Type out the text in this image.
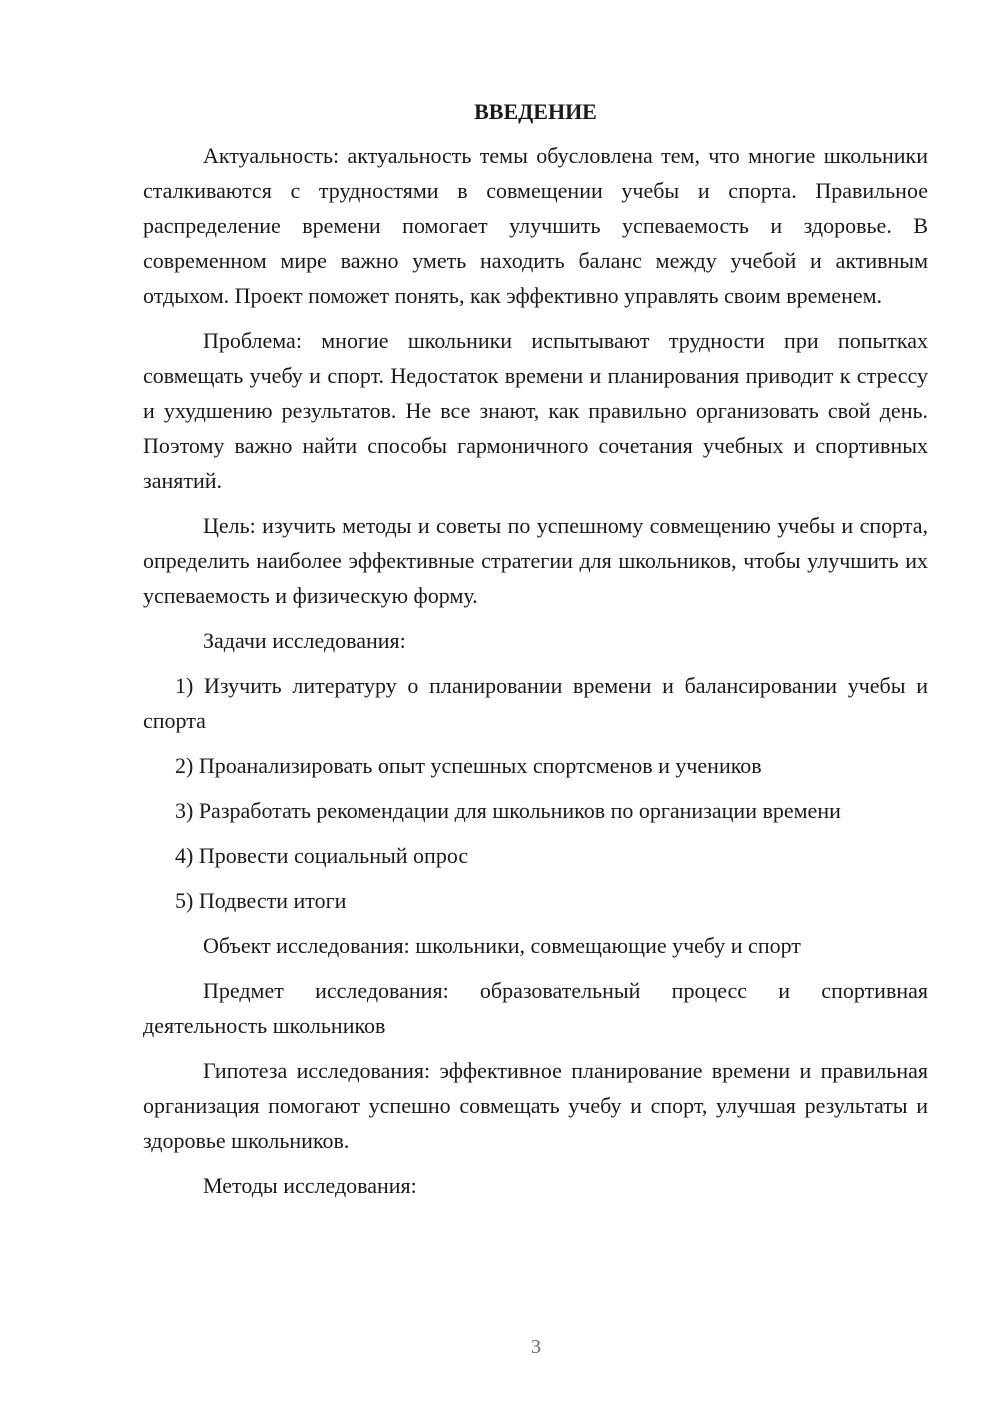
ВВЕДЕНИЕ

Актуальность: актуальность темы обусловлена тем, что многие школьники сталкиваются с трудностями в совмещении учебы и спорта. Правильное распределение времени помогает улучшить успеваемость и здоровье. В современном мире важно уметь находить баланс между учебой и активным отдыхом. Проект поможет понять, как эффективно управлять своим временем.

Проблема: многие школьники испытывают трудности при попытках совмещать учебу и спорт. Недостаток времени и планирования приводит к стрессу и ухудшению результатов. Не все знают, как правильно организовать свой день. Поэтому важно найти способы гармоничного сочетания учебных и спортивных занятий.

Цель: изучить методы и советы по успешному совмещению учебы и спорта, определить наиболее эффективные стратегии для школьников, чтобы улучшить их успеваемость и физическую форму.

Задачи исследования:

1) Изучить литературу о планировании времени и балансировании учебы и спорта

2) Проанализировать опыт успешных спортсменов и учеников

3) Разработать рекомендации для школьников по организации времени

4) Провести социальный опрос

5) Подвести итоги

Объект исследования: школьники, совмещающие учебу и спорт

Предмет исследования: образовательный процесс и спортивная деятельность школьников

Гипотеза исследования: эффективное планирование времени и правильная организация помогают успешно совмещать учебу и спорт, улучшая результаты и здоровье школьников.

Методы исследования:

3
